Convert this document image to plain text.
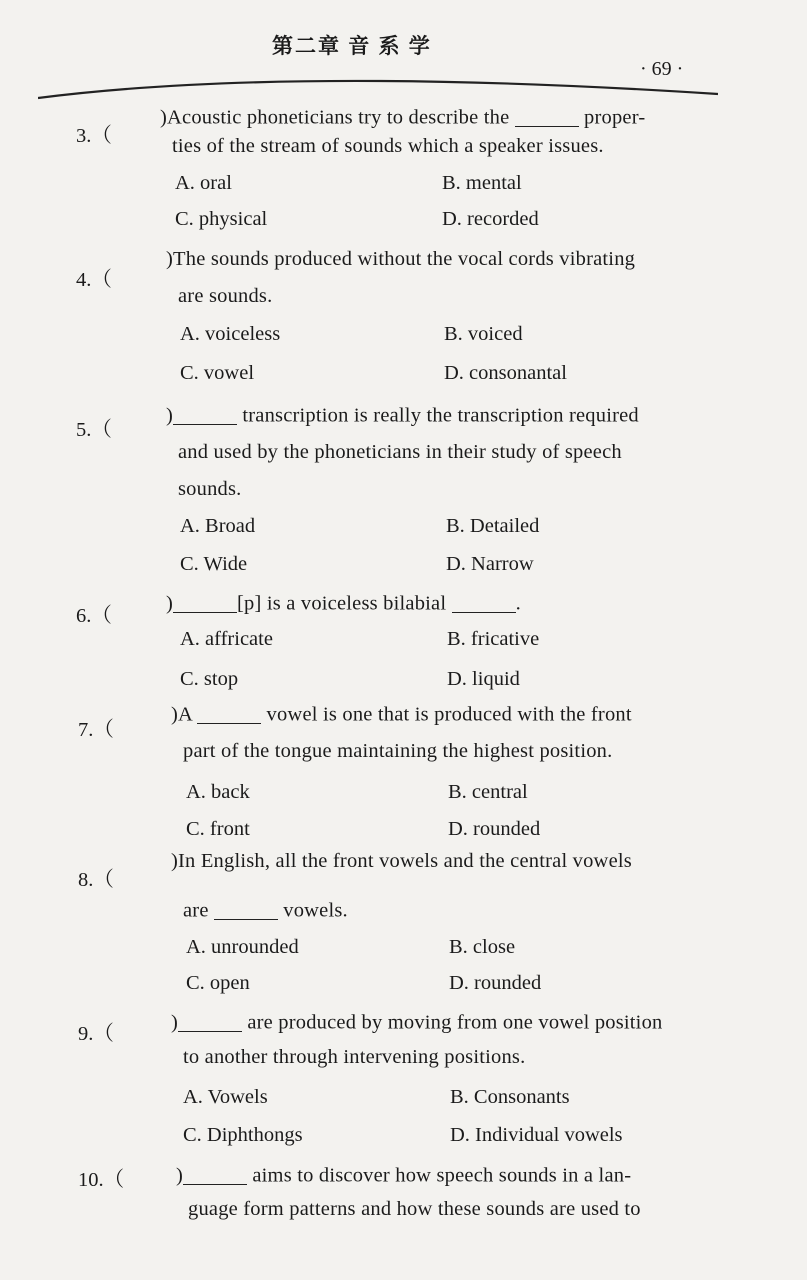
第二章 音 系 学
· 69 ·
3.（
)Acoustic phoneticians try to describe the	proper-
ties of the stream of sounds which a speaker issues.
A. oral	B. mental
C. physical	D. recorded
4.（
)The sounds produced without the vocal cords vibrating
are sounds.
A. voiceless	B. voiced
C. vowel	D. consonantal
5.（
)	transcription is really the transcription required
and used by the phoneticians in their study of speech
sounds.
A. Broad	B. Detailed
C. Wide	D. Narrow
6.（
)	[p] is a voiceless bilabial	.
A. affricate	B. fricative
C. stop	D. liquid
7.（
)A	vowel is one that is produced with the front
part of the tongue maintaining the highest position.
A. back	B. central
C. front	D. rounded
8.（
)In English, all the front vowels and the central vowels
are	vowels.
A. unrounded	B. close
C. open	D. rounded
9.（
)	are produced by moving from one vowel position
to another through intervening positions.
A. Vowels	B. Consonants
C. Diphthongs	D. Individual vowels
10.（	)	aims to discover how speech sounds in a lan-
guage form patterns and how these sounds are used to
